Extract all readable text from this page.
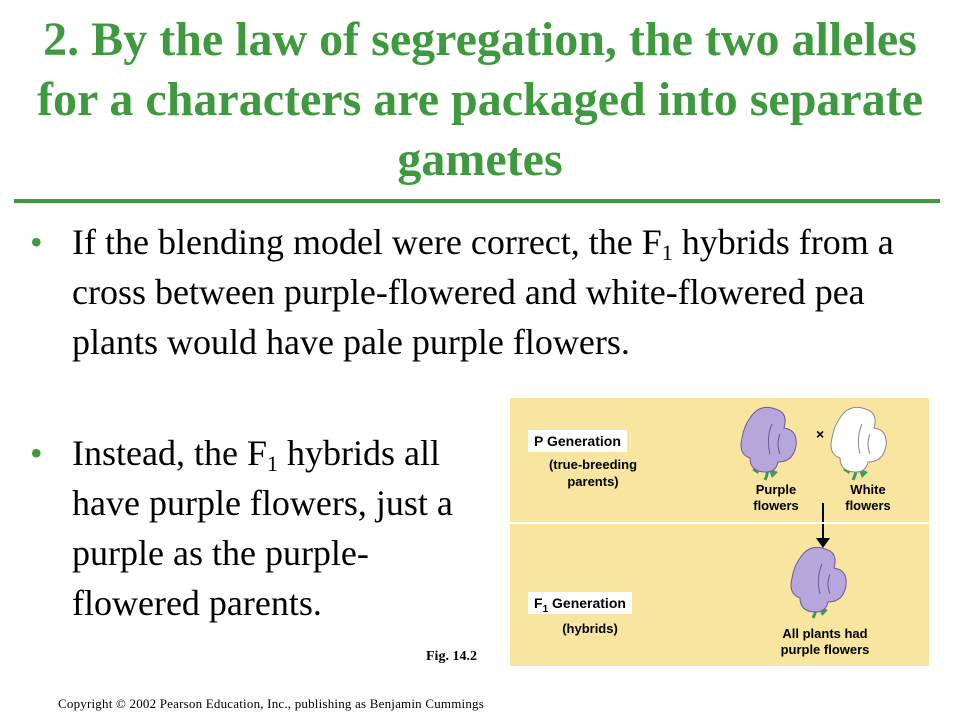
2. By the law of segregation, the two alleles for a characters are packaged into separate gametes
• If the blending model were correct, the $F_1$ hybrids from a cross between purple-flowered and white-flowered pea plants would have pale purple flowers.
• Instead, the $F_1$ hybrids all have purple flowers, just a purple as the purple-flowered parents.
P Generation
(true-breeding
parents)
×
Purple
flowers
White
flowers
$F_1$ Generation
(hybrids)	All plants had
purple flowers
Fig. 14.2
Copyright © 2002 Pearson Education, Inc., publishing as Benjamin Cummings
